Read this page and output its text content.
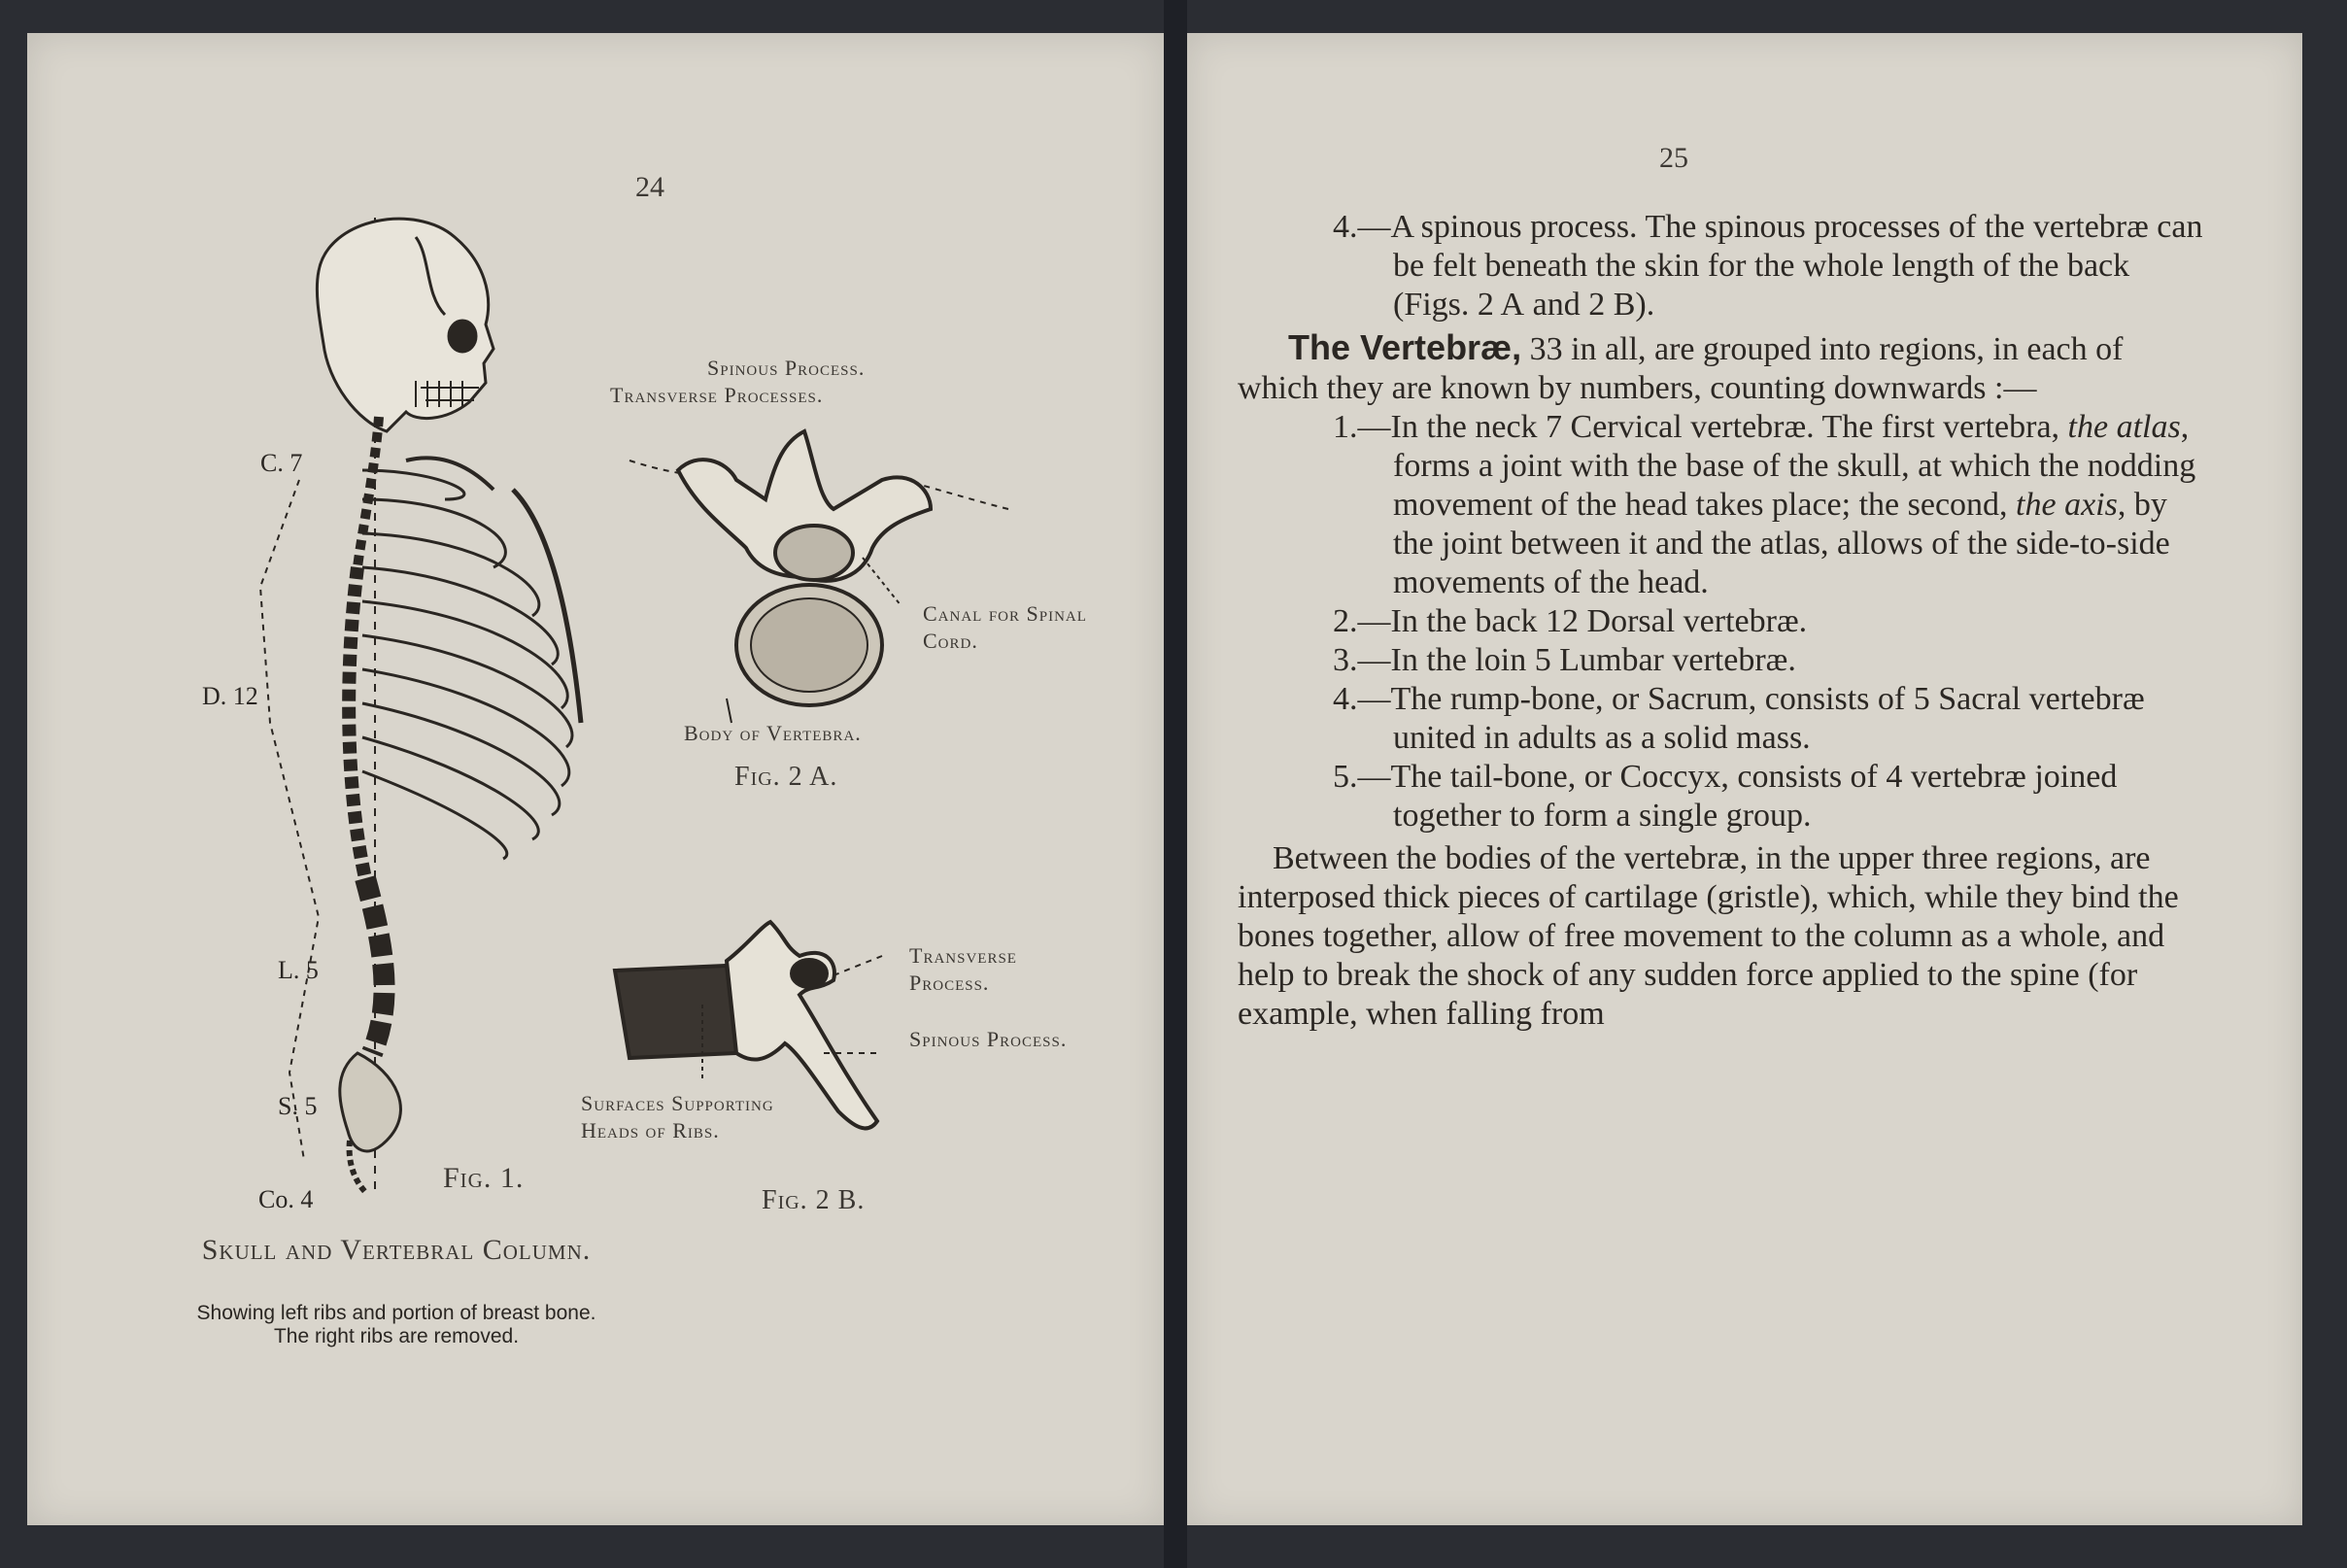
24
C. 7
D. 12
L. 5
S. 5
Co. 4
Fig. 1.
Skull and Vertebral Column.
Showing left ribs and portion of breast bone. The right ribs are removed.
Spinous Process.
Transverse Processes.
Canal for Spinal Cord.
Body of Vertebra.
Fig. 2 A.
Transverse Process.
Spinous Process.
Surfaces Supporting Heads of Ribs.
Fig. 2 B.
25

4.—A spinous process. The spinous processes of the vertebræ can be felt beneath the skin for the whole length of the back (Figs. 2 A and 2 B).

The Vertebræ, 33 in all, are grouped into regions, in each of which they are known by numbers, counting downwards :—

1.—In the neck 7 Cervical vertebræ. The first vertebra, the atlas, forms a joint with the base of the skull, at which the nodding movement of the head takes place; the second, the axis, by the joint between it and the atlas, allows of the side-to-side movements of the head.

2.—In the back 12 Dorsal vertebræ.

3.—In the loin 5 Lumbar vertebræ.

4.—The rump-bone, or Sacrum, consists of 5 Sacral vertebræ united in adults as a solid mass.

5.—The tail-bone, or Coccyx, consists of 4 vertebræ joined together to form a single group.

Between the bodies of the vertebræ, in the upper three regions, are interposed thick pieces of cartilage (gristle), which, while they bind the bones together, allow of free movement to the column as a whole, and help to break the shock of any sudden force applied to the spine (for example, when falling from
